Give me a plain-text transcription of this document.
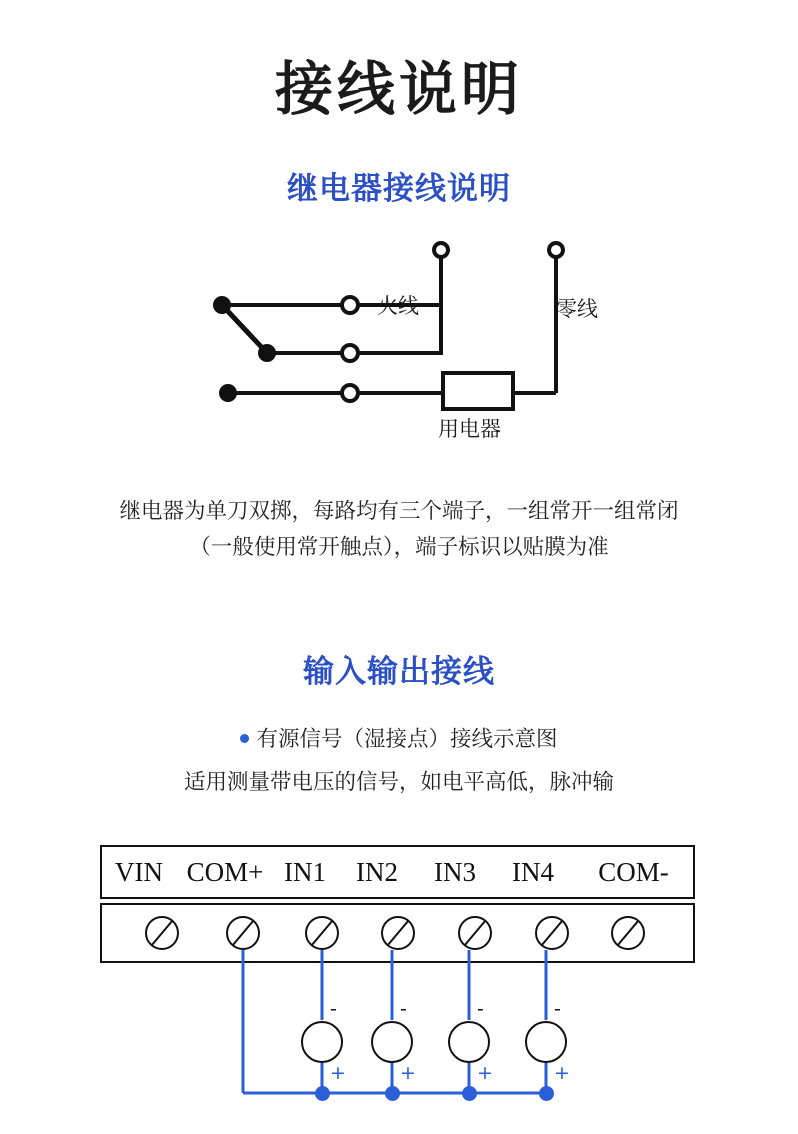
接线说明
继电器接线说明
火线	零线
用电器
继电器为单刀双掷，每路均有三个端子，一组常开一组常闭
（一般使用常开触点），端子标识以贴膜为准
输入输出接线
有源信号（湿接点）接线示意图
适用测量带电压的信号，如电平高低，脉冲输
VIN COM+ IN1	IN2	IN3	IN4	COM-
-	-	-	-
+	+	+	+
